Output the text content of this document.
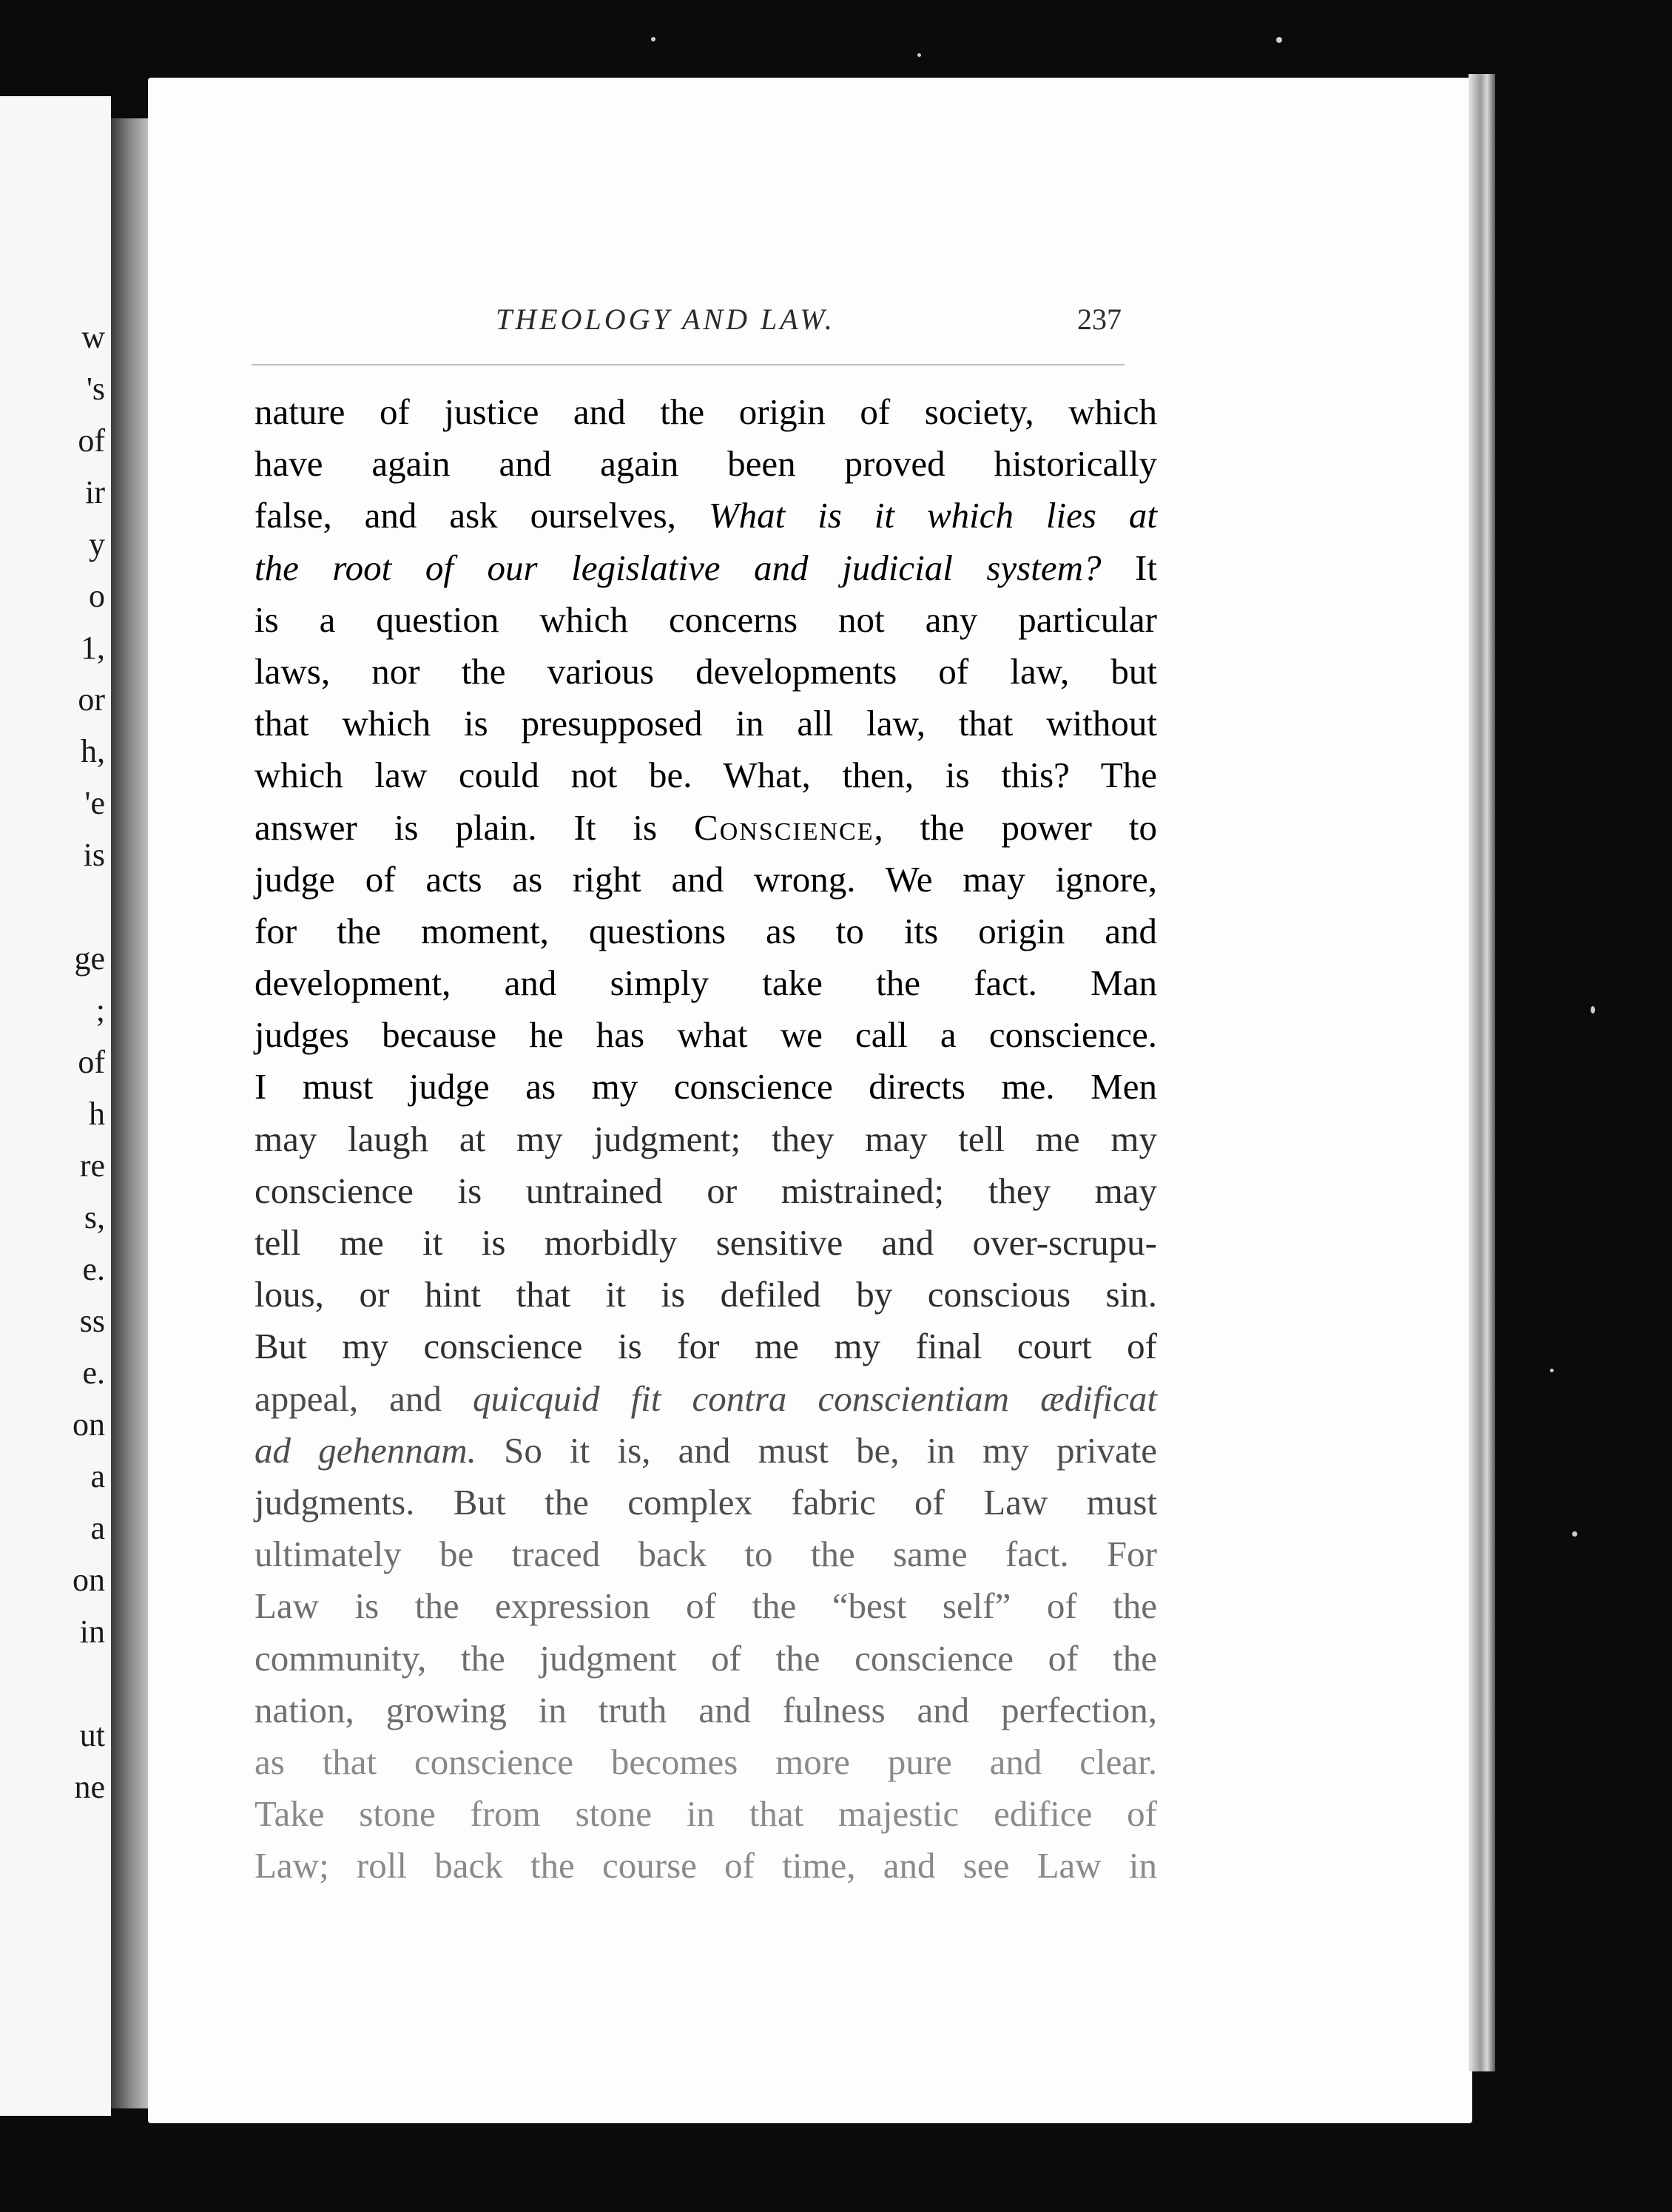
w
's
of
ir
y
o
1,
or
h,
'e
is
ge
;
of
h
re
s,
e.
ss
e.
on
a
a
on
in
ut
ne
THEOLOGY AND LAW.	237
nature of justice and the origin of society, which
have again and again been proved historically
false, and ask ourselves, What is it which lies at
the root of our legislative and judicial system? It
is a question which concerns not any particular
laws, nor the various developments of law, but
that which is presupposed in all law, that without
which law could not be. What, then, is this? The
answer is plain. It is Conscience, the power to
judge of acts as right and wrong. We may ignore,
for the moment, questions as to its origin and
development, and simply take the fact. Man
judges because he has what we call a conscience.
I must judge as my conscience directs me. Men
may laugh at my judgment; they may tell me my
conscience is untrained or mistrained; they may
tell me it is morbidly sensitive and over-scrupu-
lous, or hint that it is defiled by conscious sin.
But my conscience is for me my final court of
appeal, and quicquid fit contra conscientiam ædificat
ad gehennam. So it is, and must be, in my private
judgments. But the complex fabric of Law must
ultimately be traced back to the same fact. For
Law is the expression of the “best self” of the
community, the judgment of the conscience of the
nation, growing in truth and fulness and perfection,
as that conscience becomes more pure and clear.
Take stone from stone in that majestic edifice of
Law; roll back the course of time, and see Law in
